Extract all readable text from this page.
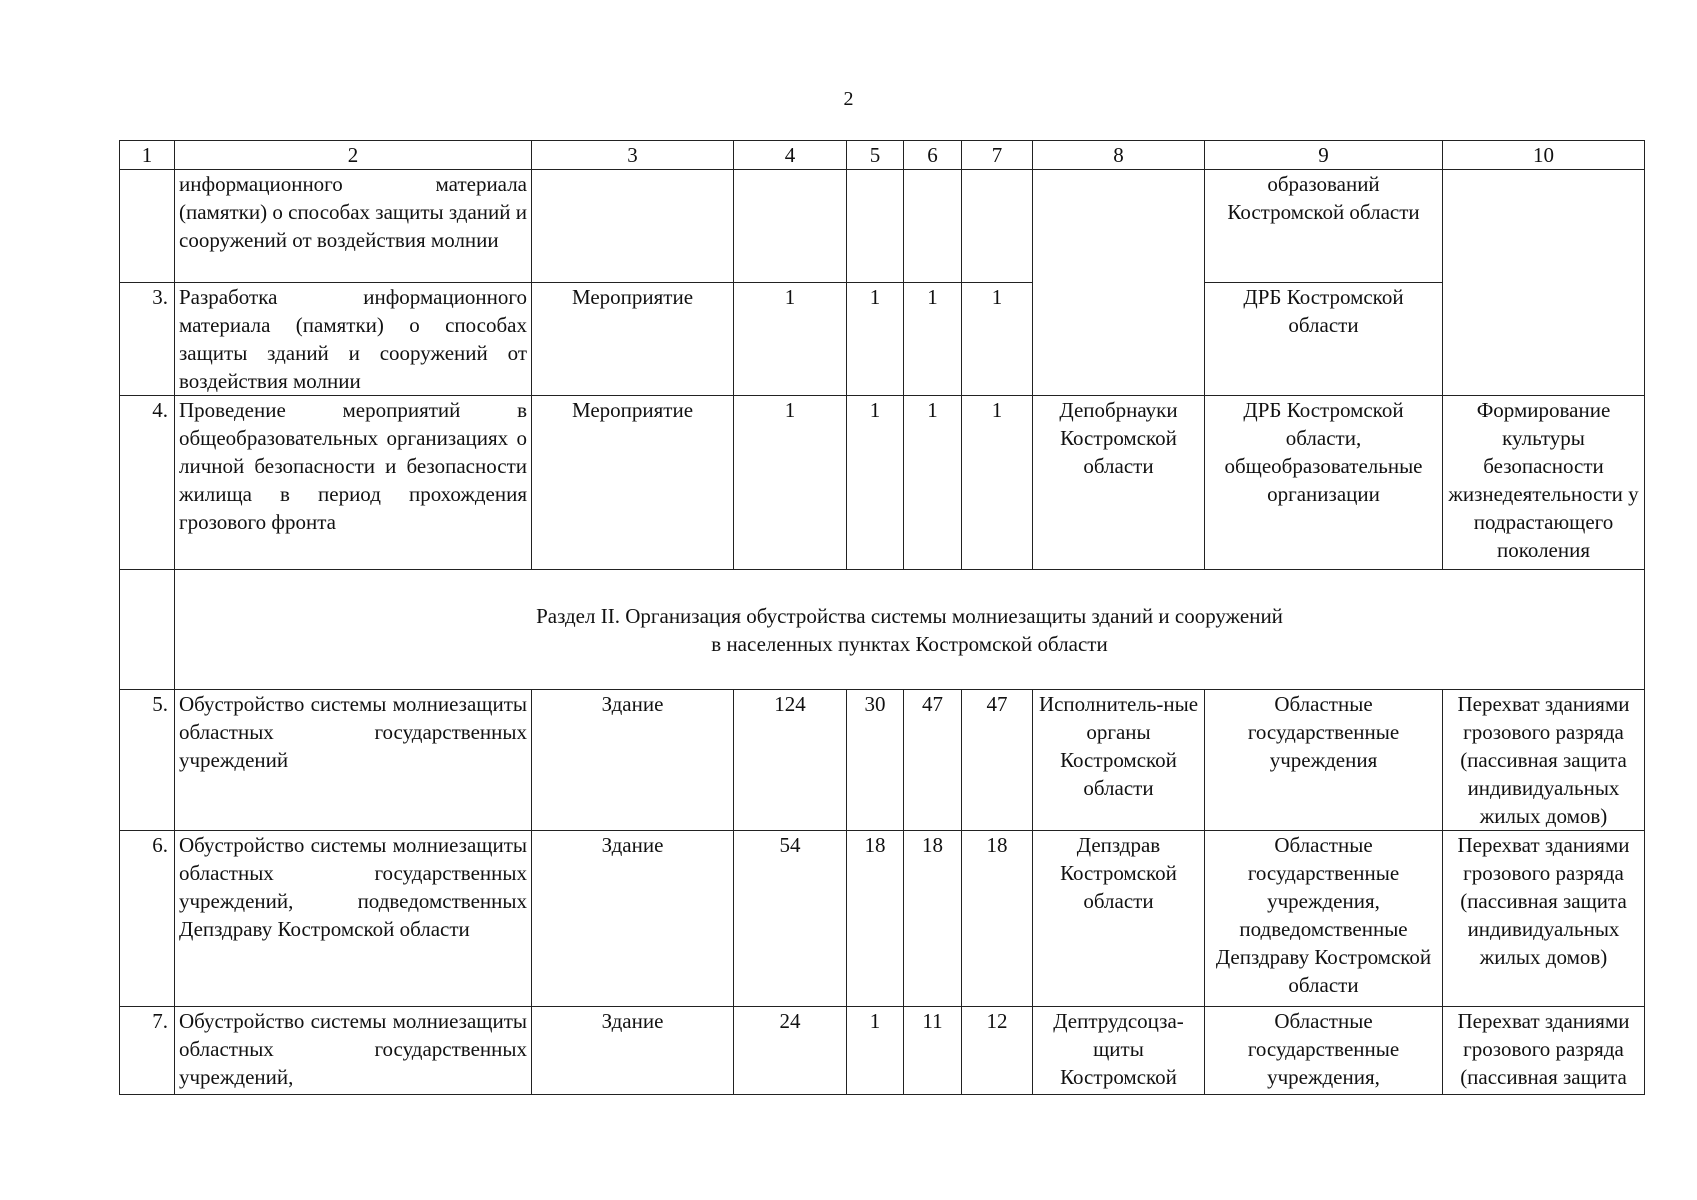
2
1	2	3	4	5	6	7	8	9	10
	информационного материала (памятки) о способах защиты зданий и сооружений от воздействия молнии							образований Костромской области	
3.	Разработка информационного материала (памятки) о способах защиты зданий и сооружений от воздействия молнии	Мероприятие	1	1	1	1		ДРБ Костромской области	
4.	Проведение мероприятий в общеобразовательных организациях о личной безопасности и безопасности жилища в период прохождения грозового фронта	Мероприятие	1	1	1	1	Депобрнауки Костромской области	ДРБ Костромской области, общеобразовательные организации	Формирование культуры безопасности жизнедеятельности у подрастающего поколения

	Раздел II. Организация обустройства системы молниезащиты зданий и сооружений
в населенных пунктах Костромской области								

5.	Обустройство системы молниезащиты областных государственных учреждений	Здание	124	30	47	47	Исполнитель-ные органы Костромской области	Областные государственные учреждения	Перехват зданиями грозового разряда (пассивная защита индивидуальных жилых домов)
6.	Обустройство системы молниезащиты областных государственных учреждений, подведомственных Депздраву Костромской области	Здание	54	18	18	18	Депздрав Костромской области	Областные государственные учреждения, подведомственные Депздраву Костромской области	Перехват зданиями грозового разряда (пассивная защита индивидуальных жилых домов)
7.	Обустройство системы молниезащиты областных государственных учреждений,	Здание	24	1	11	12	Дептрудсоцза-щиты Костромской	Областные государственные учреждения,	Перехват зданиями грозового разряда (пассивная защита
